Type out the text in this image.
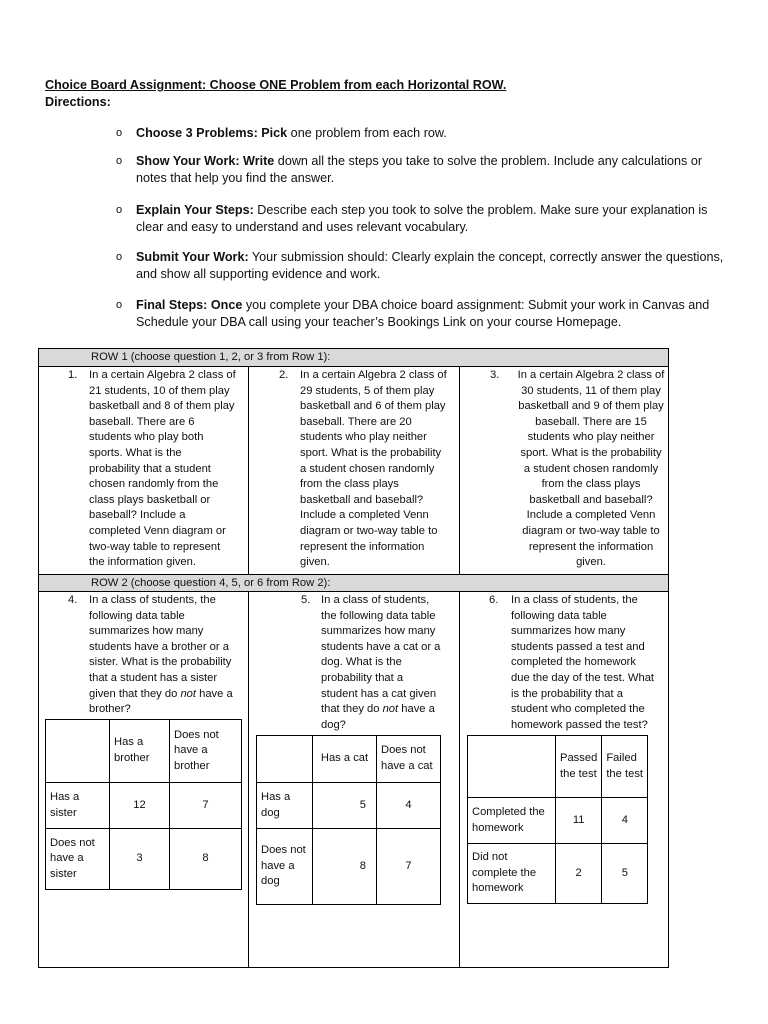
Choice Board Assignment: Choose ONE Problem from each Horizontal ROW.
Directions:
o Choose 3 Problems: Pick one problem from each row.
o Show Your Work: Write down all the steps you take to solve the problem. Include any calculations or notes that help you find the answer.
o Explain Your Steps: Describe each step you took to solve the problem. Make sure your explanation is clear and easy to understand and uses relevant vocabulary.
o Submit Your Work: Your submission should: Clearly explain the concept, correctly answer the questions, and show all supporting evidence and work.
o Final Steps: Once you complete your DBA choice board assignment: Submit your work in Canvas and Schedule your DBA call using your teacher’s Bookings Link on your course Homepage.
ROW 1 (choose question 1, 2, or 3 from Row 1):
ROW 2 (choose question 4, 5, or 6 from Row 2):
1. In a certain Algebra 2 class of
21 students, 10 of them play
basketball and 8 of them play
baseball. There are 6
students who play both
sports. What is the
probability that a student
chosen randomly from the
class plays basketball or
baseball? Include a
completed Venn diagram or
two-way table to represent
the information given.
2. In a certain Algebra 2 class of
29 students, 5 of them play
basketball and 6 of them play
baseball. There are 20
students who play neither
sport. What is the probability
a student chosen randomly
from the class plays
basketball and baseball?
Include a completed Venn
diagram or two-way table to
represent the information
given.
3.	In a certain Algebra 2 class of
30 students, 11 of them play
basketball and 9 of them play
baseball. There are 15
students who play neither
sport. What is the probability
a student chosen randomly
from the class plays
basketball and baseball?
Include a completed Venn
diagram or two-way table to
represent the information
given.
4. In a class of students, the
following data table
summarizes how many
students have a brother or a
sister. What is the probability
that a student has a sister
given that they do not have a
brother?
5. In a class of students,
the following data table
summarizes how many
students have a cat or a
dog. What is the
probability that a
student has a cat given
that they do not have a
dog?
6. In a class of students, the
following data table
summarizes how many
students passed a test and
completed the homework
due the day of the test. What
is the probability that a
student who completed the
homework passed the test?
	Has a brother	Does not have a brother
Has a sister	12	7
Does not have a sister	3	8
	Has a cat	Does not have a cat
Has a dog	5	4
Does not have a dog	8	7
	Passed the test	Failed the test
Completed the homework	11	4
Did not complete the homework	2	5
